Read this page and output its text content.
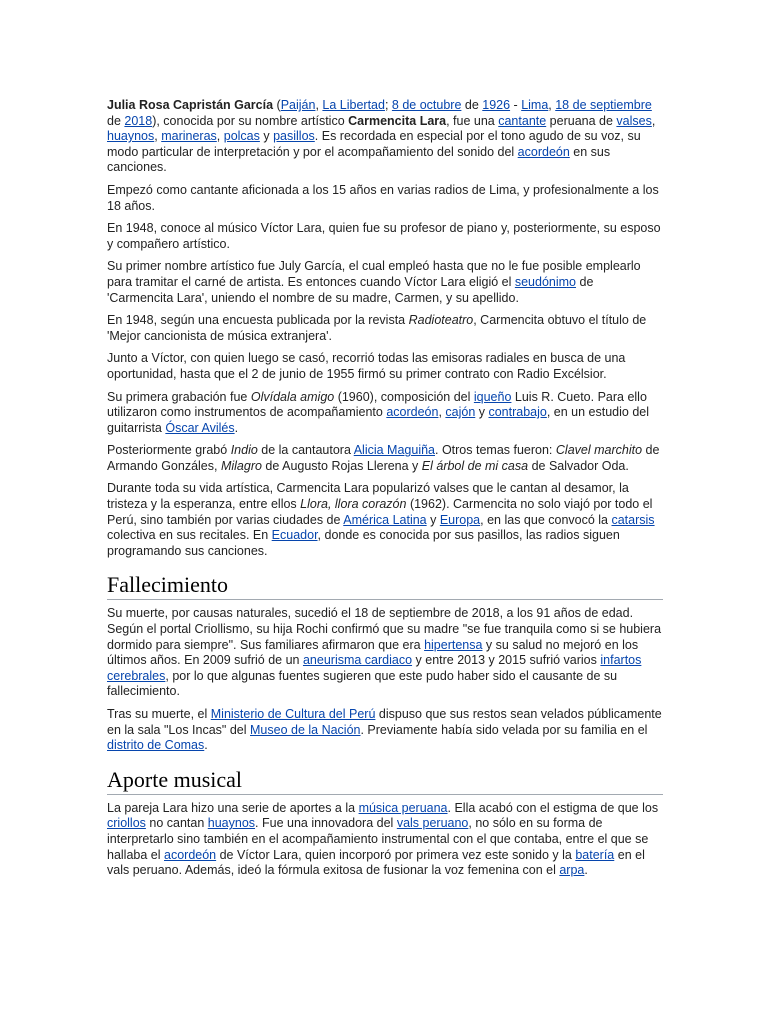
Julia Rosa Capristán García (Paiján, La Libertad; 8 de octubre de 1926 - Lima, 18 de septiembre de 2018), conocida por su nombre artístico Carmencita Lara, fue una cantante peruana de valses, huaynos, marineras, polcas y pasillos. Es recordada en especial por el tono agudo de su voz, su modo particular de interpretación y por el acompañamiento del sonido del acordeón en sus canciones.

Empezó como cantante aficionada a los 15 años en varias radios de Lima, y profesionalmente a los 18 años.

En 1948, conoce al músico Víctor Lara, quien fue su profesor de piano y, posteriormente, su esposo y compañero artístico.

Su primer nombre artístico fue July García, el cual empleó hasta que no le fue posible emplearlo para tramitar el carné de artista. Es entonces cuando Víctor Lara eligió el seudónimo de 'Carmencita Lara', uniendo el nombre de su madre, Carmen, y su apellido.

En 1948, según una encuesta publicada por la revista Radioteatro, Carmencita obtuvo el título de 'Mejor cancionista de música extranjera'.

Junto a Víctor, con quien luego se casó, recorrió todas las emisoras radiales en busca de una oportunidad, hasta que el 2 de junio de 1955 firmó su primer contrato con Radio Excélsior.

Su primera grabación fue Olvídala amigo (1960), composición del iqueño Luis R. Cueto. Para ello utilizaron como instrumentos de acompañamiento acordeón, cajón y contrabajo, en un estudio del guitarrista Óscar Avilés.

Posteriormente grabó Indio de la cantautora Alicia Maguiña. Otros temas fueron: Clavel marchito de Armando Gonzáles, Milagro de Augusto Rojas Llerena y El árbol de mi casa de Salvador Oda.

Durante toda su vida artística, Carmencita Lara popularizó valses que le cantan al desamor, la tristeza y la esperanza, entre ellos Llora, llora corazón (1962). Carmencita no solo viajó por todo el Perú, sino también por varias ciudades de América Latina y Europa, en las que convocó la catarsis colectiva en sus recitales. En Ecuador, donde es conocida por sus pasillos, las radios siguen programando sus canciones.

Fallecimiento

Su muerte, por causas naturales, sucedió el 18 de septiembre de 2018, a los 91 años de edad. Según el portal Criollismo, su hija Rochi confirmó que su madre "se fue tranquila como si se hubiera dormido para siempre". Sus familiares afirmaron que era hipertensa y su salud no mejoró en los últimos años. En 2009 sufrió de un aneurisma cardiaco y entre 2013 y 2015 sufrió varios infartos cerebrales, por lo que algunas fuentes sugieren que este pudo haber sido el causante de su fallecimiento.

Tras su muerte, el Ministerio de Cultura del Perú dispuso que sus restos sean velados públicamente en la sala "Los Incas" del Museo de la Nación. Previamente había sido velada por su familia en el distrito de Comas.

Aporte musical

La pareja Lara hizo una serie de aportes a la música peruana. Ella acabó con el estigma de que los criollos no cantan huaynos. Fue una innovadora del vals peruano, no sólo en su forma de interpretarlo sino también en el acompañamiento instrumental con el que contaba, entre el que se hallaba el acordeón de Víctor Lara, quien incorporó por primera vez este sonido y la batería en el vals peruano. Además, ideó la fórmula exitosa de fusionar la voz femenina con el arpa.
